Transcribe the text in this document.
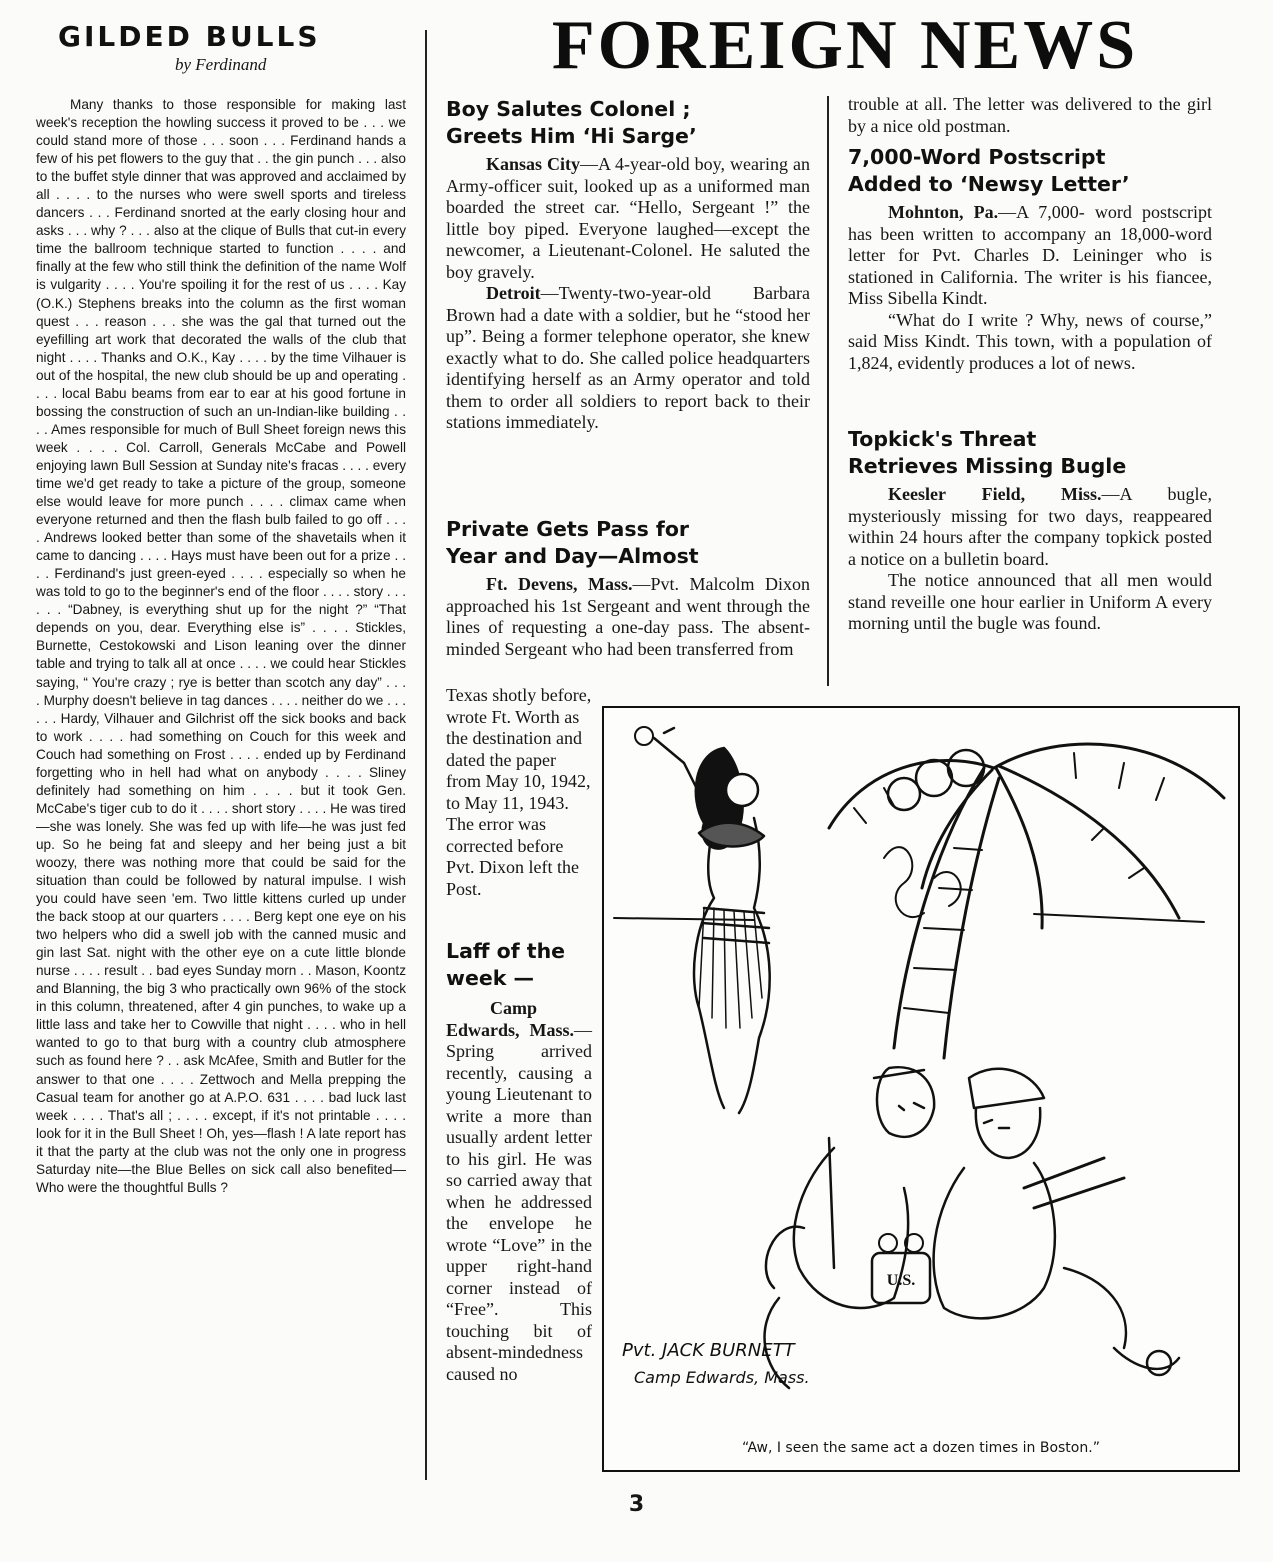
GILDED BULLS
by Ferdinand

Many thanks to those responsible for making last week's reception the howling success it proved to be . . . we could stand more of those . . . soon . . . Ferdinand hands a few of his pet flowers to the guy that . . the gin punch . . . also to the buffet style dinner that was approved and acclaimed by all . . . . to the nurses who were swell sports and tireless dancers . . . Ferdinand snorted at the early closing hour and asks . . . why ? . . . also at the clique of Bulls that cut-in every time the ballroom technique started to function . . . . and finally at the few who still think the definition of the name Wolf is vulgarity . . . . You're spoiling it for the rest of us . . . . Kay (O.K.) Stephens breaks into the column as the first woman quest . . . reason . . . she was the gal that turned out the eyefilling art work that decorated the walls of the club that night . . . . Thanks and O.K., Kay . . . . by the time Vilhauer is out of the hospital, the new club should be up and operating . . . . local Babu beams from ear to ear at his good fortune in bossing the construction of such an un-Indian-like building . . . . Ames responsible for much of Bull Sheet foreign news this week . . . . Col. Carroll, Generals McCabe and Powell enjoying lawn Bull Session at Sunday nite's fracas . . . . every time we'd get ready to take a picture of the group, someone else would leave for more punch . . . . climax came when everyone returned and then the flash bulb failed to go off . . . . Andrews looked better than some of the shavetails when it came to dancing . . . . Hays must have been out for a prize . . . . Ferdinand's just green-eyed . . . . especially so when he was told to go to the beginner's end of the floor . . . . story . . . . . . “Dabney, is everything shut up for the night ?” “That depends on you, dear. Everything else is” . . . . Stickles, Burnette, Cestokowski and Lison leaning over the dinner table and trying to talk all at once . . . . we could hear Stickles saying, “ You're crazy ; rye is better than scotch any day” . . . . Murphy doesn't believe in tag dances . . . . neither do we . . . . . . Hardy, Vilhauer and Gilchrist off the sick books and back to work . . . . had something on Couch for this week and Couch had something on Frost . . . . ended up by Ferdinand forgetting who in hell had what on anybody . . . . Sliney definitely had something on him . . . . but it took Gen. McCabe's tiger cub to do it . . . . short story . . . . He was tired—she was lonely. She was fed up with life—he was just fed up. So he being fat and sleepy and her being just a bit woozy, there was nothing more that could be said for the situation than could be followed by natural impulse. I wish you could have seen 'em. Two little kittens curled up under the back stoop at our quarters . . . . Berg kept one eye on his two helpers who did a swell job with the canned music and gin last Sat. night with the other eye on a cute little blonde nurse . . . . result . . bad eyes Sunday morn . . Mason, Koontz and Blanning, the big 3 who practically own 96% of the stock in this column, threatened, after 4 gin punches, to wake up a little lass and take her to Cowville that night . . . . who in hell wanted to go to that burg with a country club atmosphere such as found here ? . . ask McAfee, Smith and Butler for the answer to that one . . . . Zettwoch and Mella prepping the Casual team for another go at A.P.O. 631 . . . . bad luck last week . . . . That's all ; . . . . except, if it's not printable . . . . look for it in the Bull Sheet ! Oh, yes—flash ! A late report has it that the party at the club was not the only one in progress Saturday nite—the Blue Belles on sick call also benefited—Who were the thoughtful Bulls ?

FOREIGN NEWS
Boy Salutes Colonel ;
Greets Him ‘Hi Sarge’

Kansas City—A 4-year-old boy, wearing an Army-officer suit, looked up as a uniformed man boarded the street car. “Hello, Sergeant !” the little boy piped. Everyone laughed—except the newcomer, a Lieutenant-Colonel. He saluted the boy gravely.

Detroit—Twenty-two-year-old Barbara Brown had a date with a soldier, but he “stood her up”. Being a former telephone operator, she knew exactly what to do. She called police headquarters identifying herself as an Army operator and told them to order all soldiers to report back to their stations immediately.

Private Gets Pass for
Year and Day—Almost

Ft. Devens, Mass.—Pvt. Malcolm Dixon approached his 1st Sergeant and went through the lines of requesting a one-day pass. The absent-minded Sergeant who had been transferred from

Texas shotly before, wrote Ft. Worth as the destination and dated the paper from May 10, 1942, to May 11, 1943. The error was corrected before Pvt. Dixon left the Post.

Laff of the
week —

Camp Edwards, Mass.—Spring arrived recently, causing a young Lieutenant to write a more than usually ardent letter to his girl. He was so carried away that when he addressed the envelope he wrote “Love” in the upper right-hand corner instead of “Free”. This touching bit of absent-mindedness caused no

trouble at all. The letter was delivered to the girl by a nice old postman.

7,000-Word Postscript
Added to ‘Newsy Letter’

Mohnton, Pa.—A 7,000- word postscript has been written to accompany an 18,000-word letter for Pvt. Charles D. Leininger who is stationed in California. The writer is his fiancee, Miss Sibella Kindt.

“What do I write ? Why, news of course,” said Miss Kindt. This town, with a population of 1,824, evidently produces a lot of news.

Topkick's Threat
Retrieves Missing Bugle

Keesler Field, Miss.—A bugle, mysteriously missing for two days, reappeared within 24 hours after the company topkick posted a notice on a bulletin board.

The notice announced that all men would stand reveille one hour earlier in Uniform A every morning until the bugle was found.

U.S.
Pvt. JACK BURNETT
Camp Edwards, Mass.
“Aw, I seen the same act a dozen times in Boston.”
3
